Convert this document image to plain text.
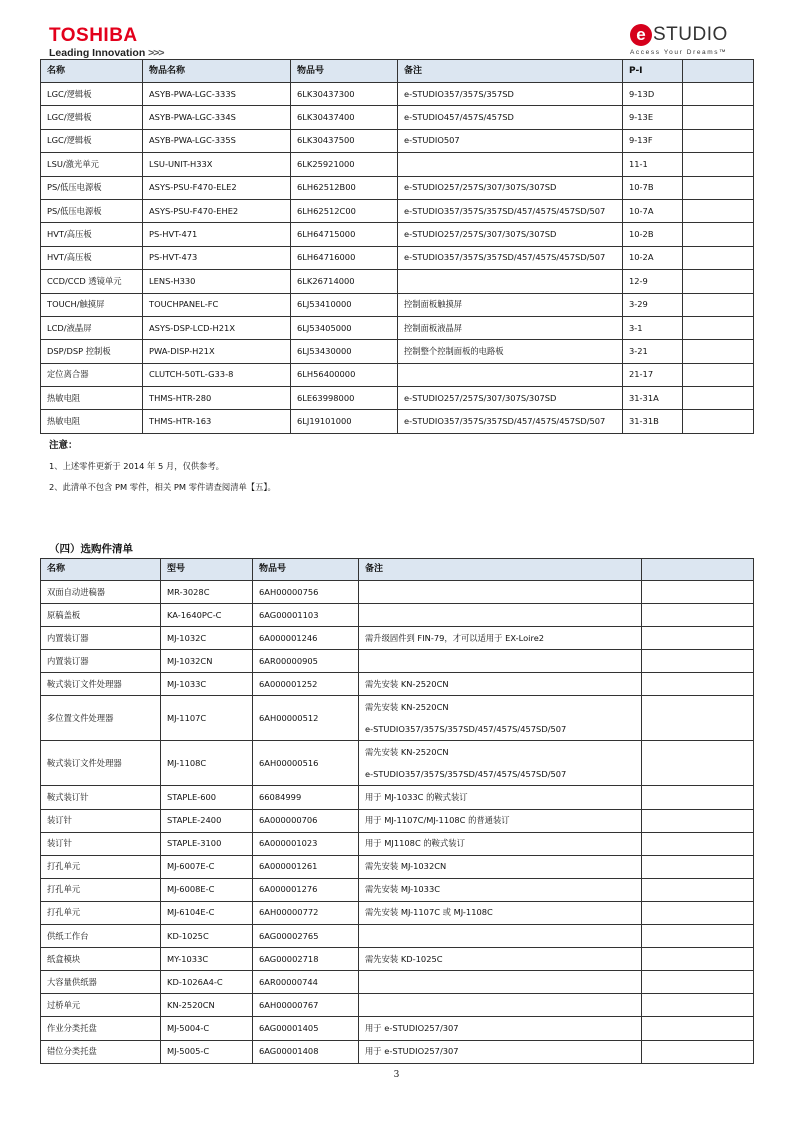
TOSHIBA
Leading Innovation >>>
e STUDIO
Access Your Dreams™
名称	物品名称	物品号	备注	P-I	
LGC/逻辑板	ASYB-PWA-LGC-333S	6LK30437300	e-STUDIO357/357S/357SD	9-13D	
LGC/逻辑板	ASYB-PWA-LGC-334S	6LK30437400	e-STUDIO457/457S/457SD	9-13E	
LGC/逻辑板	ASYB-PWA-LGC-335S	6LK30437500	e-STUDIO507	9-13F	
LSU/激光单元	LSU-UNIT-H33X	6LK25921000		11-1	
PS/低压电源板	ASYS-PSU-F470-ELE2	6LH62512B00	e-STUDIO257/257S/307/307S/307SD	10-7B	
PS/低压电源板	ASYS-PSU-F470-EHE2	6LH62512C00	e-STUDIO357/357S/357SD/457/457S/457SD/507	10-7A	
HVT/高压板	PS-HVT-471	6LH64715000	e-STUDIO257/257S/307/307S/307SD	10-2B	
HVT/高压板	PS-HVT-473	6LH64716000	e-STUDIO357/357S/357SD/457/457S/457SD/507	10-2A	
CCD/CCD 透镜单元	LENS-H330	6LK26714000		12-9	
TOUCH/触摸屏	TOUCHPANEL-FC	6LJ53410000	控制面板触摸屏	3-29	
LCD/液晶屏	ASYS-DSP-LCD-H21X	6LJ53405000	控制面板液晶屏	3-1	
DSP/DSP 控制板	PWA-DISP-H21X	6LJ53430000	控制整个控制面板的电路板	3-21	
定位离合器	CLUTCH-50TL-G33-8	6LH56400000		21-17	
热敏电阻	THMS-HTR-280	6LE63998000	e-STUDIO257/257S/307/307S/307SD	31-31A	
热敏电阻	THMS-HTR-163	6LJ19101000	e-STUDIO357/357S/357SD/457/457S/457SD/507	31-31B	
注意：
1、上述零件更新于 2014 年 5 月，仅供参考。
2、此清单不包含 PM 零件，相关 PM 零件请查阅清单【五】。
（四）选购件清单
名称	型号	物品号	备注	
双面自动进稿器	MR-3028C	6AH00000756		
原稿盖板	KA-1640PC-C	6AG00001103		
内置装订器	MJ-1032C	6A000001246	需升级固件到 FIN-79，才可以适用于 EX-Loire2	
内置装订器	MJ-1032CN	6AR00000905		
鞍式装订文件处理器	MJ-1033C	6A000001252	需先安装 KN-2520CN	
多位置文件处理器	MJ-1107C	6AH00000512	需先安装 KN-2520CN
e-STUDIO357/357S/357SD/457/457S/457SD/507	

鞍式装订文件处理器	MJ-1108C	6AH00000516	需先安装 KN-2520CN
e-STUDIO357/357S/357SD/457/457S/457SD/507	

鞍式装订针	STAPLE-600	66084999	用于 MJ-1033C 的鞍式装订	
装订针	STAPLE-2400	6A000000706	用于 MJ-1107C/MJ-1108C 的普通装订	
装订针	STAPLE-3100	6A000001023	用于 MJ1108C 的鞍式装订	
打孔单元	MJ-6007E-C	6A000001261	需先安装 MJ-1032CN	
打孔单元	MJ-6008E-C	6A000001276	需先安装 MJ-1033C	
打孔单元	MJ-6104E-C	6AH00000772	需先安装 MJ-1107C 或 MJ-1108C	
供纸工作台	KD-1025C	6AG00002765		
纸盒模块	MY-1033C	6AG00002718	需先安装 KD-1025C	
大容量供纸器	KD-1026A4-C	6AR00000744		
过桥单元	KN-2520CN	6AH00000767		
作业分类托盘	MJ-5004-C	6AG00001405	用于 e-STUDIO257/307	
错位分类托盘	MJ-5005-C	6AG00001408	用于 e-STUDIO257/307	
3
